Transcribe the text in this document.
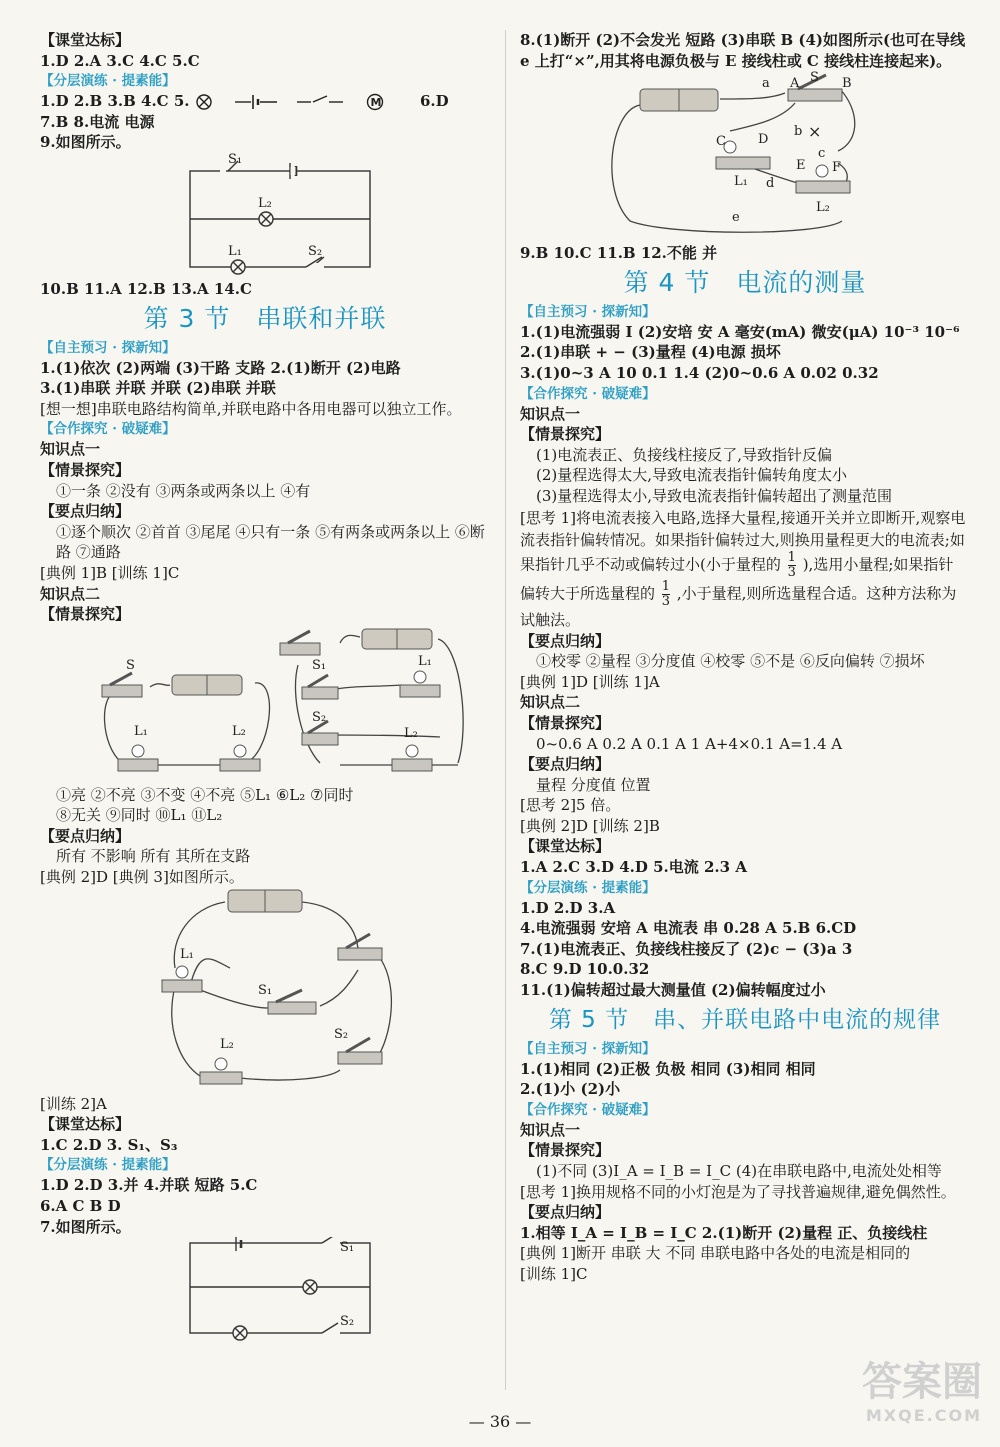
【课堂达标】
1.D 2.A 3.C 4.C 5.C
【分层演练 · 提素能】
1.D 2.B 3.B 4.C 5.	M	6.D
7.B 8.电流 电源
9.如图所示。
S₁
L₂
L₁	S₂
10.B 11.A 12.B 13.A 14.C
第 3 节　串联和并联
【自主预习 · 探新知】
1.(1)依次 (2)两端 (3)干路 支路 2.(1)断开 (2)电路
3.(1)串联 并联 并联 (2)串联 并联
[想一想]串联电路结构简单,并联电路中各用电器可以独立工作。
【合作探究 · 破疑难】
知识点一
【情景探究】
①一条 ②没有 ③两条或两条以上 ④有
【要点归纳】
①逐个顺次 ②首首 ③尾尾 ④只有一条 ⑤有两条或两条以上 ⑥断路 ⑦通路
[典例 1]B [训练 1]C
知识点二
【情景探究】
S
L₁	L₂
S₁
S₂
L₁
L₂
①亮 ②不亮 ③不变 ④不亮 ⑤L₁ ⑥L₂ ⑦同时
⑧无关 ⑨同时 ⑩L₁ ⑪L₂
【要点归纳】
所有 不影响 所有 其所在支路
[典例 2]D [典例 3]如图所示。
L₁
S₁
L₂
S₂
[训练 2]A
【课堂达标】
1.C 2.D 3. S₁、S₃
【分层演练 · 提素能】
1.D 2.D 3.并 4.并联 短路 5.C
6.A C B D
7.如图所示。
S₁
S₂
8.(1)断开 (2)不会发光 短路 (3)串联 B (4)如图所示(也可在导线 e 上打“×”,用其将电源负极与 E 接线柱或 C 接线柱连接起来)。
a A S B
C D
b ×
E F
c
L₁ d
e
L₂
9.B 10.C 11.B 12.不能 并
第 4 节　电流的测量
【自主预习 · 探新知】
1.(1)电流强弱 I (2)安培 安 A 毫安(mA) 微安(μA) 10⁻³ 10⁻⁶
2.(1)串联 + − (3)量程 (4)电源 损坏
3.(1)0~3 A 10 0.1 1.4 (2)0~0.6 A 0.02 0.32
【合作探究 · 破疑难】
知识点一
【情景探究】
(1)电流表正、负接线柱接反了,导致指针反偏
(2)量程选得太大,导致电流表指针偏转角度太小
(3)量程选得太小,导致电流表指针偏转超出了测量范围
[思考 1]将电流表接入电路,选择大量程,接通开关并立即断开,观察电流表指针偏转情况。如果指针偏转过大,则换用量程更大的电流表;如果指针几乎不动或偏转过小(小于量程的 $\frac{1}{3}$ ),选用小量程;如果指针偏转大于所选量程的 $\frac{1}{3}$ ,小于量程,则所选量程合适。这种方法称为试触法。
【要点归纳】
①校零 ②量程 ③分度值 ④校零 ⑤不是 ⑥反向偏转 ⑦损坏
[典例 1]D [训练 1]A
知识点二
【情景探究】
0~0.6 A 0.2 A 0.1 A 1 A+4×0.1 A=1.4 A
【要点归纳】
量程 分度值 位置
[思考 2]5 倍。
[典例 2]D [训练 2]B
【课堂达标】
1.A 2.C 3.D 4.D 5.电流 2.3 A
【分层演练 · 提素能】
1.D 2.D 3.A
4.电流强弱 安培 A 电流表 串 0.28 A 5.B 6.CD
7.(1)电流表正、负接线柱接反了 (2)c − (3)a 3
8.C 9.D 10.0.32
11.(1)偏转超过最大测量值 (2)偏转幅度过小
第 5 节　串、并联电路中电流的规律
【自主预习 · 探新知】
1.(1)相同 (2)正极 负极 相同 (3)相同 相同
2.(1)小 (2)小
【合作探究 · 破疑难】
知识点一
【情景探究】
(1)不同 (3)I_A = I_B = I_C (4)在串联电路中,电流处处相等
[思考 1]换用规格不同的小灯泡是为了寻找普遍规律,避免偶然性。
【要点归纳】
1.相等 I_A = I_B = I_C 2.(1)断开 (2)量程 正、负接线柱
[典例 1]断开 串联 大 不同 串联电路中各处的电流是相同的
[训练 1]C
— 36 —
答案圈
MXQE.COM
